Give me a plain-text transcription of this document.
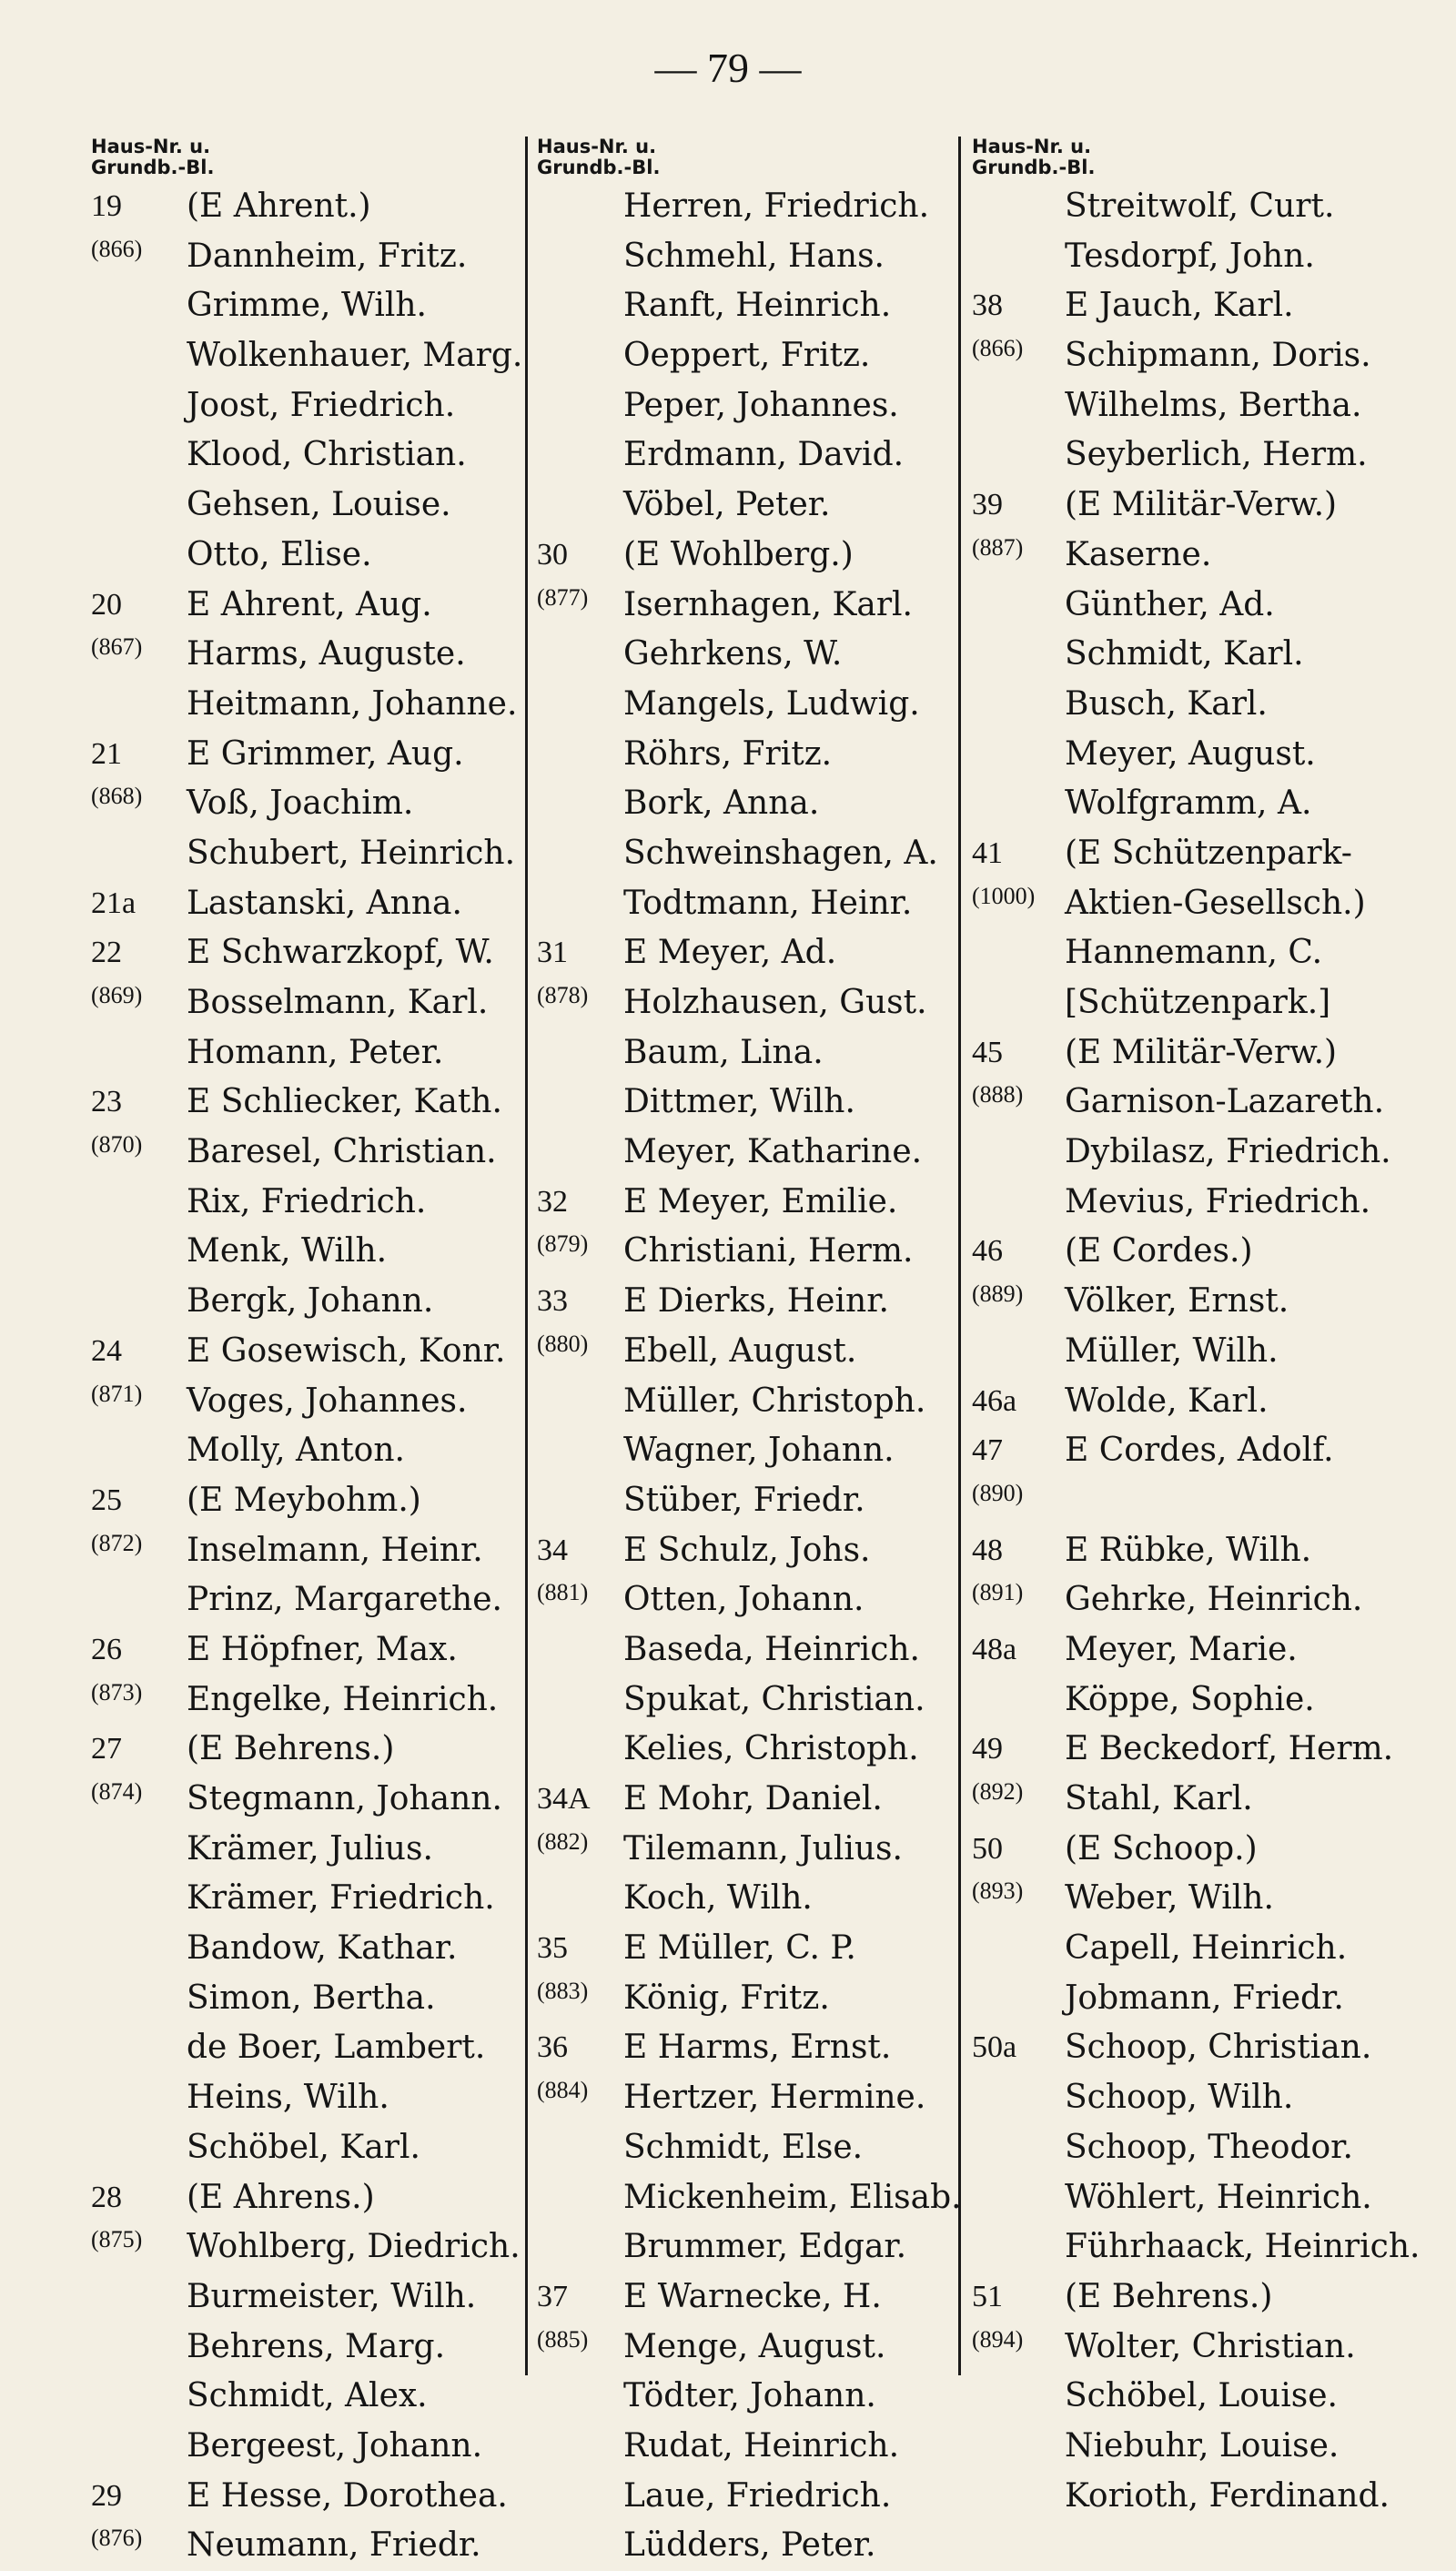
— 79 —
Haus-Nr. u.
Grundb.-Bl.
19 (E Ahrent.)
(866) Dannheim, Fritz.
Grimme, Wilh.
Wolkenhauer, Marg.
Joost, Friedrich.
Klood, Christian.
Gehsen, Louise.
Otto, Elise.
20 E Ahrent, Aug.
(867) Harms, Auguste.
Heitmann, Johanne.
21 E Grimmer, Aug.
(868) Voß, Joachim.
Schubert, Heinrich.
21a Lastanski, Anna.
22 E Schwarzkopf, W.
(869) Bosselmann, Karl.
Homann, Peter.
23 E Schliecker, Kath.
(870) Baresel, Christian.
Rix, Friedrich.
Menk, Wilh.
Bergk, Johann.
24 E Gosewisch, Konr.
(871) Voges, Johannes.
Molly, Anton.
25 (E Meybohm.)
(872) Inselmann, Heinr.
Prinz, Margarethe.
26 E Höpfner, Max.
(873) Engelke, Heinrich.
27 (E Behrens.)
(874) Stegmann, Johann.
Krämer, Julius.
Krämer, Friedrich.
Bandow, Kathar.
Simon, Bertha.
de Boer, Lambert.
Heins, Wilh.
Schöbel, Karl.
28 (E Ahrens.)
(875) Wohlberg, Diedrich.
Burmeister, Wilh.
Behrens, Marg.
Schmidt, Alex.
Bergeest, Johann.
29 E Hesse, Dorothea.
(876) Neumann, Friedr.
Haus-Nr. u.
Grundb.-Bl.
Herren, Friedrich.
Schmehl, Hans.
Ranft, Heinrich.
Oeppert, Fritz.
Peper, Johannes.
Erdmann, David.
Vöbel, Peter.
30 (E Wohlberg.)
(877) Isernhagen, Karl.
Gehrkens, W.
Mangels, Ludwig.
Röhrs, Fritz.
Bork, Anna.
Schweinshagen, A.
Todtmann, Heinr.
31 E Meyer, Ad.
(878) Holzhausen, Gust.
Baum, Lina.
Dittmer, Wilh.
Meyer, Katharine.
32 E Meyer, Emilie.
(879) Christiani, Herm.
33 E Dierks, Heinr.
(880) Ebell, August.
Müller, Christoph.
Wagner, Johann.
Stüber, Friedr.
34 E Schulz, Johs.
(881) Otten, Johann.
Baseda, Heinrich.
Spukat, Christian.
Kelies, Christoph.
34A E Mohr, Daniel.
(882) Tilemann, Julius.
Koch, Wilh.
35 E Müller, C. P.
(883) König, Fritz.
36 E Harms, Ernst.
(884) Hertzer, Hermine.
Schmidt, Else.
Mickenheim, Elisab.
Brummer, Edgar.
37 E Warnecke, H.
(885) Menge, August.
Tödter, Johann.
Rudat, Heinrich.
Laue, Friedrich.
Lüdders, Peter.
Haus-Nr. u.
Grundb.-Bl.
Streitwolf, Curt.
Tesdorpf, John.
38 E Jauch, Karl.
(866) Schipmann, Doris.
Wilhelms, Bertha.
Seyberlich, Herm.
39 (E Militär-Verw.)
(887) Kaserne.
Günther, Ad.
Schmidt, Karl.
Busch, Karl.
Meyer, August.
Wolfgramm, A.
41 (E Schützenpark-
(1000) Aktien-Gesellsch.)
Hannemann, C.
[Schützenpark.]
45 (E Militär-Verw.)
(888) Garnison-Lazareth.
Dybilasz, Friedrich.
Mevius, Friedrich.
46 (E Cordes.)
(889) Völker, Ernst.
Müller, Wilh.
46a Wolde, Karl.
47 E Cordes, Adolf.
(890)
48 E Rübke, Wilh.
(891) Gehrke, Heinrich.
48a Meyer, Marie.
Köppe, Sophie.
49 E Beckedorf, Herm.
(892) Stahl, Karl.
50 (E Schoop.)
(893) Weber, Wilh.
Capell, Heinrich.
Jobmann, Friedr.
50a Schoop, Christian.
Schoop, Wilh.
Schoop, Theodor.
Wöhlert, Heinrich.
Führhaack, Heinrich.
51 (E Behrens.)
(894) Wolter, Christian.
Schöbel, Louise.
Niebuhr, Louise.
Korioth, Ferdinand.
